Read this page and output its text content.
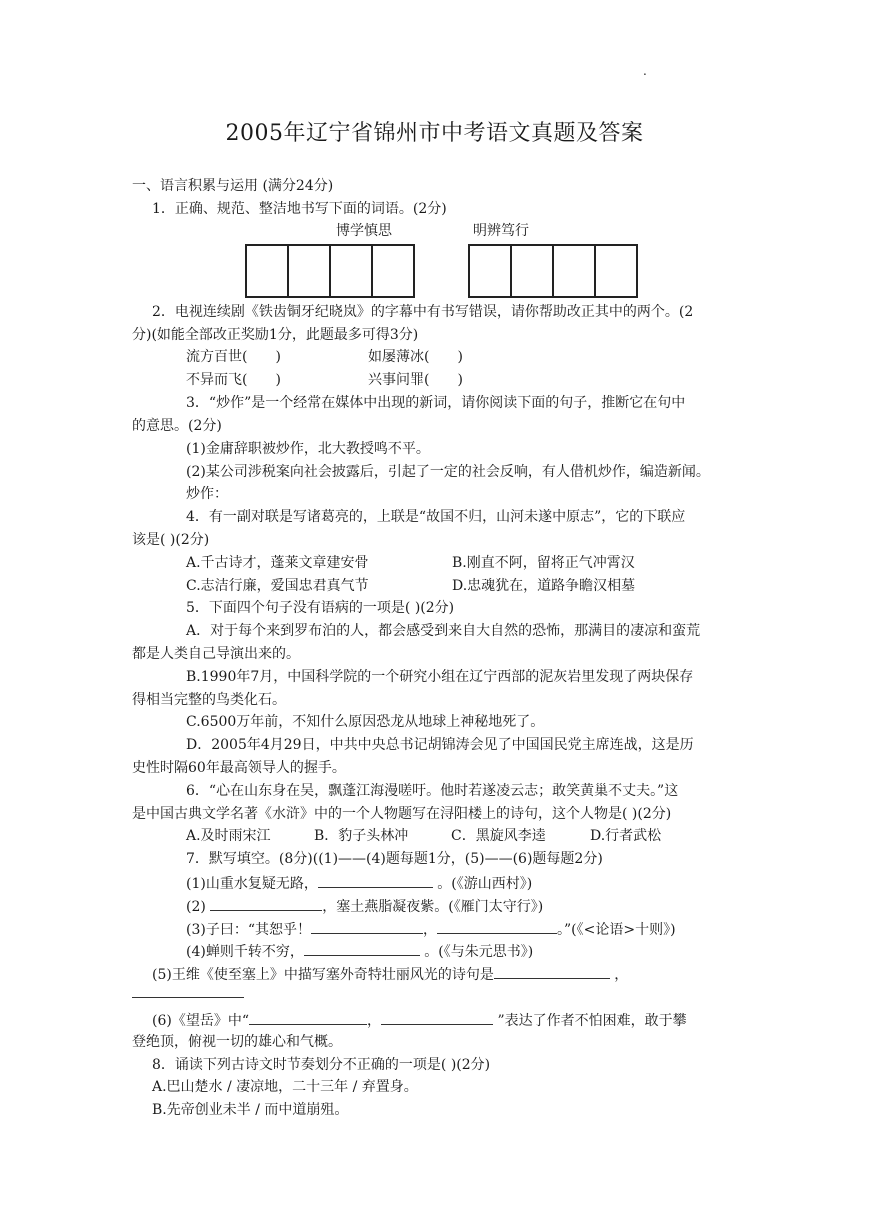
.
2005年辽宁省锦州市中考语文真题及答案
一、语言积累与运用 (满分24分)
1．正确、规范、整洁地书写下面的词语。(2分)
博学慎思	明辨笃行
2．电视连续剧《铁齿铜牙纪晓岚》的字幕中有书写错误，请你帮助改正其中的两个。(2
分)(如能全部改正奖励1分，此题最多可得3分)
流方百世(　　)	如屡薄冰(　　)
不异而飞(　　)	兴事问罪(　　)
3．“炒作”是一个经常在媒体中出现的新词，请你阅读下面的句子，推断它在句中
的意思。(2分)
(1)金庸辞职被炒作，北大教授鸣不平。
(2)某公司涉税案向社会披露后，引起了一定的社会反响，有人借机炒作，编造新闻。
炒作：
4．有一副对联是写诸葛亮的，上联是“故国不归，山河未遂中原志”，它的下联应
该是( )(2分)
A.千古诗才，蓬莱文章建安骨	B.刚直不阿，留将正气冲霄汉
C.志洁行廉，爱国忠君真气节	D.忠魂犹在，道路争瞻汉相墓
5．下面四个句子没有语病的一项是( )(2分)
A．对于每个来到罗布泊的人，都会感受到来自大自然的恐怖，那满目的凄凉和蛮荒
都是人类自己导演出来的。
B.1990年7月，中国科学院的一个研究小组在辽宁西部的泥灰岩里发现了两块保存
得相当完整的鸟类化石。
C.6500万年前，不知什么原因恐龙从地球上神秘地死了。
D．2005年4月29日，中共中央总书记胡锦涛会见了中国国民党主席连战，这是历
史性时隔60年最高领导人的握手。
6．“心在山东身在吴，飘蓬江海漫嗟吁。他时若遂凌云志；敢笑黄巢不丈夫。”这
是中国古典文学名著《水浒》中的一个人物题写在浔阳楼上的诗句，这个人物是( )(2分)
A.及时雨宋江	B．豹子头林冲	C．黑旋风李逵	D.行者武松
7．默写填空。(8分)((1)——(4)题每题1分，(5)——(6)题每题2分)
(1)山重水复疑无路，	。(《游山西村》)
(2)	，塞土燕脂凝夜紫。(《雁门太守行》)
(3)子曰：“其恕乎！	，	。”(《<论语>十则》)
(4)蝉则千转不穷，	。(《与朱元思书》)
(5)王维《使至塞上》中描写塞外奇特壮丽风光的诗句是	，
(6)《望岳》中“	，	”表达了作者不怕困难，敢于攀
登绝顶，俯视一切的雄心和气概。
8．诵读下列古诗文时节奏划分不正确的一项是( )(2分)
A.巴山楚水 / 凄凉地，二十三年 / 弃置身。
B.先帝创业未半 / 而中道崩殂。
